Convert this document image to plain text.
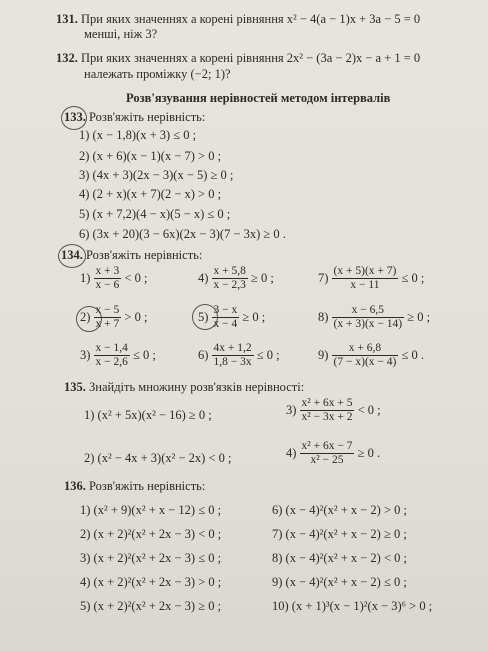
131. При яких значеннях a корені рівняння x² − 4(a − 1)x + 3a − 5 = 0
менші, ніж 3?
132. При яких значеннях a корені рівняння 2x² − (3a − 2)x − a + 1 = 0
належать проміжку (−2; 1)?
Розв'язування нерівностей методом інтервалів
133. Розв'яжіть нерівність:
1) (x − 1,8)(x + 3) ≤ 0 ;
2) (x + 6)(x − 1)(x − 7) > 0 ;
3) (4x + 3)(2x − 3)(x − 5) ≥ 0 ;
4) (2 + x)(x + 7)(2 − x) > 0 ;
5) (x + 7,2)(4 − x)(5 − x) ≤ 0 ;
6) (3x + 20)(3 − 6x)(2x − 3)(7 − 3x) ≥ 0 .
134. Розв'яжіть нерівність:
$1) \frac{x + 3}{x - 6} < 0$ ;	$4) \frac{x + 5,8}{x - 2,3} \ge 0$ ;	$7) \frac{(x + 5)(x + 7)}{x - 11} \le 0$ ;
$2) \frac{x - 5}{x + 7} > 0$ ;	$5) \frac{3 - x}{x - 4} \ge 0$ ;	$8) \frac{x - 6,5}{(x + 3)(x - 14)} \ge 0$ ;
$3) \frac{x - 1,4}{x - 2,6} \le 0$ ;	$6) \frac{4x + 1,2}{1,8 - 3x} \le 0$ ;	$9) \frac{x + 6,8}{(7 - x)(x - 4)} \le 0$ .
135. Знайдіть множину розв'язків нерівності:
1) (x² + 5x)(x² − 16) ≥ 0 ;	$3) \frac{\text{x² + 6x + 5}}{\text{x² − 3x + 2}} < 0$ ;
2) (x² − 4x + 3)(x² − 2x) < 0 ;	$4) \frac{\text{x² + 6x − 7}}{\text{x² − 25}} \ge 0$ .
136. Розв'яжіть нерівність:
1) (x² + 9)(x² + x − 12) ≤ 0 ;
2) (x + 2)²(x² + 2x − 3) < 0 ;
3) (x + 2)²(x² + 2x − 3) ≤ 0 ;
4) (x + 2)²(x² + 2x − 3) > 0 ;
5) (x + 2)²(x² + 2x − 3) ≥ 0 ;
6) (x − 4)²(x² + x − 2) > 0 ;
7) (x − 4)²(x² + x − 2) ≥ 0 ;
8) (x − 4)²(x² + x − 2) < 0 ;
9) (x − 4)²(x² + x − 2) ≤ 0 ;
10) (x + 1)³(x − 1)²(x − 3)⁶ > 0 ;
